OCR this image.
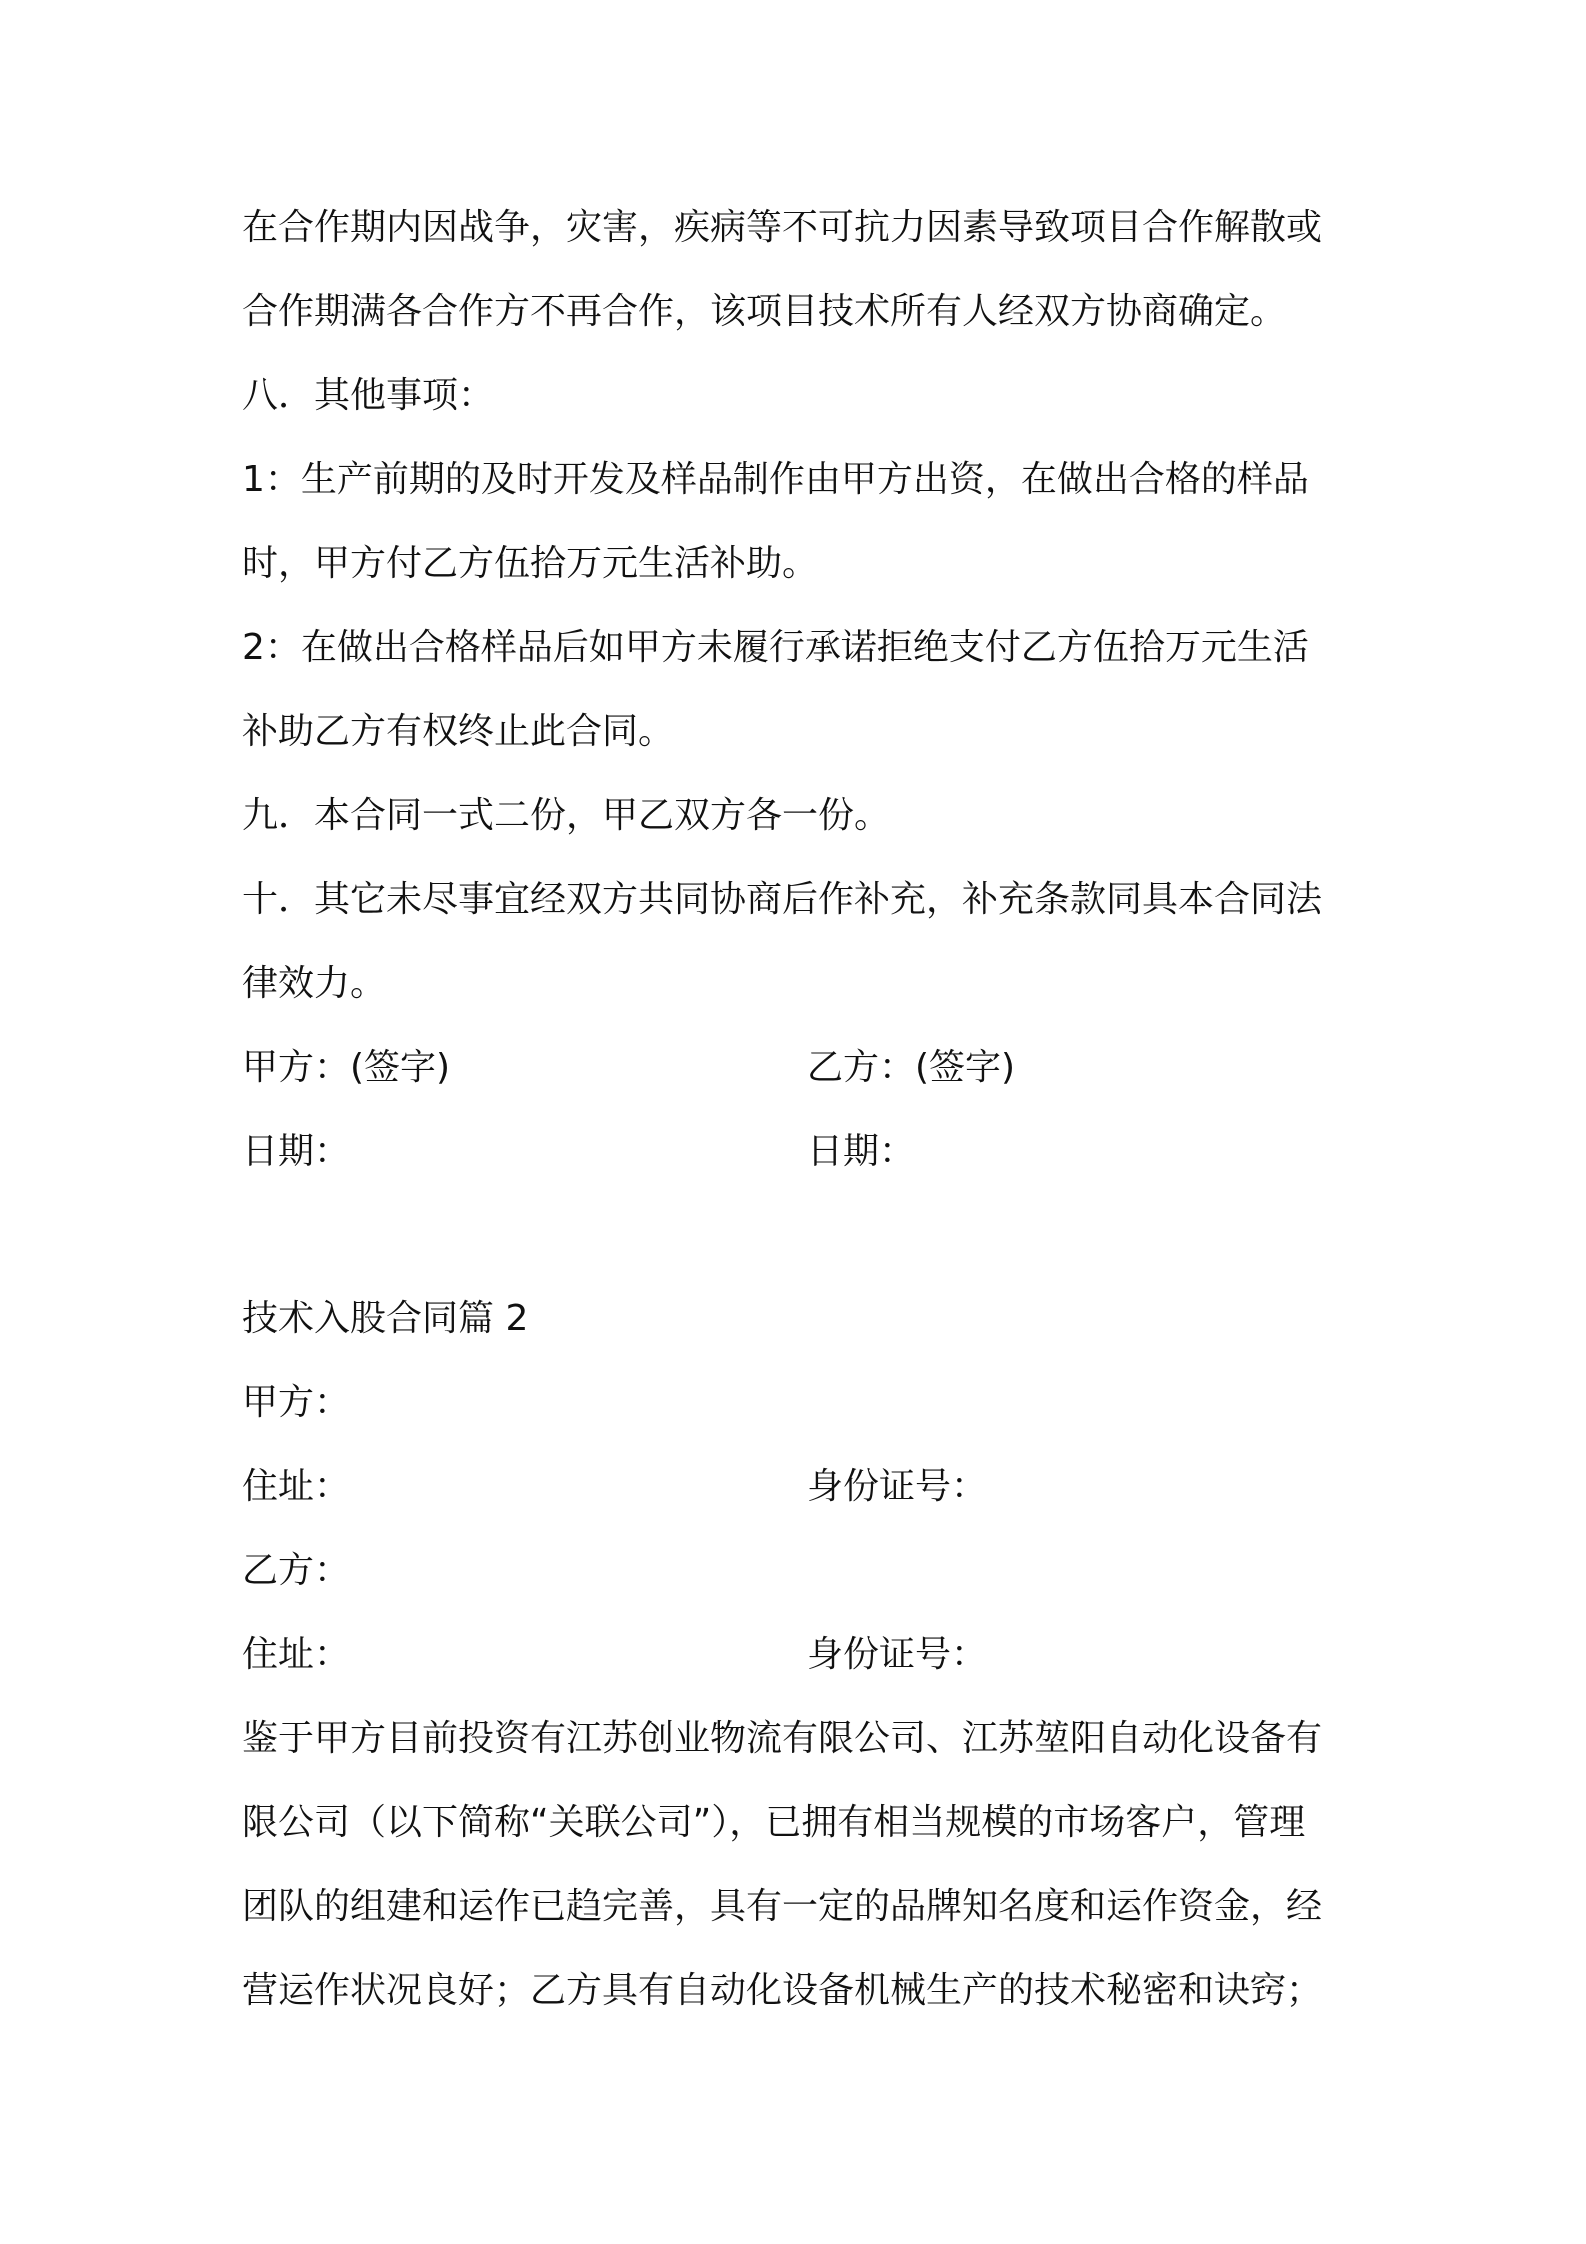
在合作期内因战争，灾害，疾病等不可抗力因素导致项目合作解散或
合作期满各合作方不再合作，该项目技术所有人经双方协商确定。
八．其他事项：
1：生产前期的及时开发及样品制作由甲方出资，在做出合格的样品
时，甲方付乙方伍拾万元生活补助。
2：在做出合格样品后如甲方未履行承诺拒绝支付乙方伍拾万元生活
补助乙方有权终止此合同。
九．本合同一式二份，甲乙双方各一份。
十．其它未尽事宜经双方共同协商后作补充，补充条款同具本合同法
律效力。
甲方：(签字)	乙方：(签字)
日期：	日期：
技术入股合同篇 2
甲方：
住址：	身份证号：
乙方：
住址：	身份证号：
鉴于甲方目前投资有江苏创业物流有限公司、江苏堃阳自动化设备有
限公司（以下简称“关联公司”），已拥有相当规模的市场客户，管理
团队的组建和运作已趋完善，具有一定的品牌知名度和运作资金，经
营运作状况良好；乙方具有自动化设备机械生产的技术秘密和诀窍；
